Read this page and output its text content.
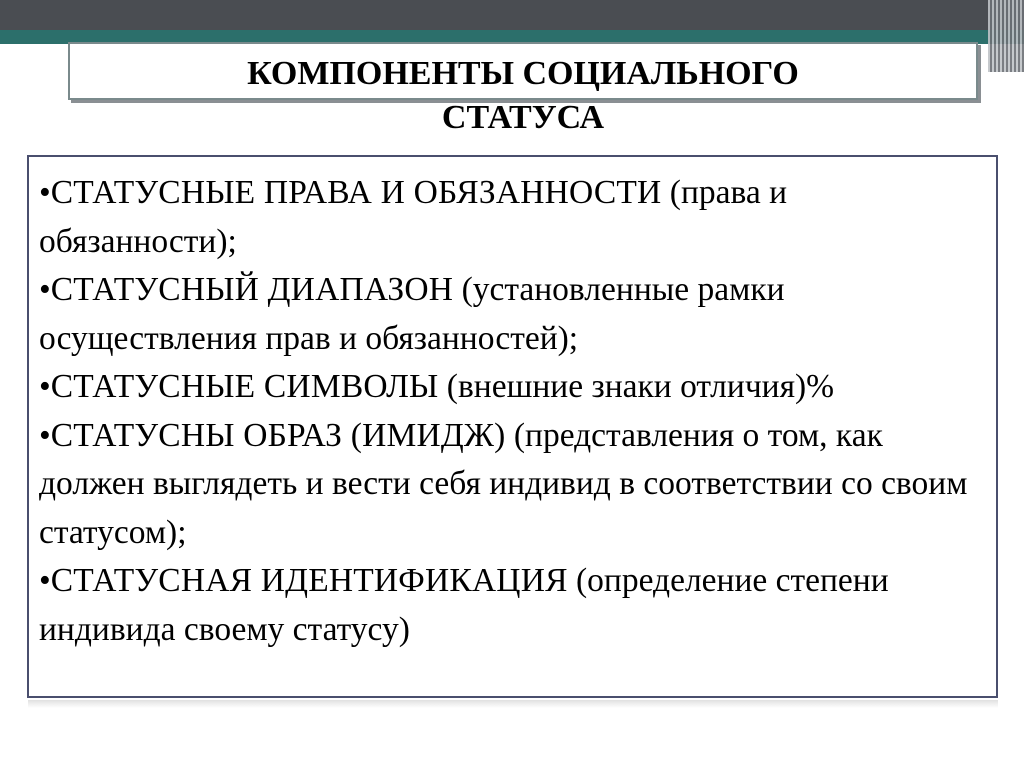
КОМПОНЕНТЫ СОЦИАЛЬНОГО
СТАТУСА
•СТАТУСНЫЕ ПРАВА И ОБЯЗАННОСТИ (права и обязанности);
•СТАТУСНЫЙ ДИАПАЗОН (установленные рамки осуществления прав и обязанностей);
•СТАТУСНЫЕ СИМВОЛЫ (внешние знаки отличия)%
•СТАТУСНЫ ОБРАЗ (ИМИДЖ) (представления о том, как должен выглядеть и вести себя индивид в соответствии со своим статусом);
•СТАТУСНАЯ ИДЕНТИФИКАЦИЯ (определение степени индивида своему статусу)
